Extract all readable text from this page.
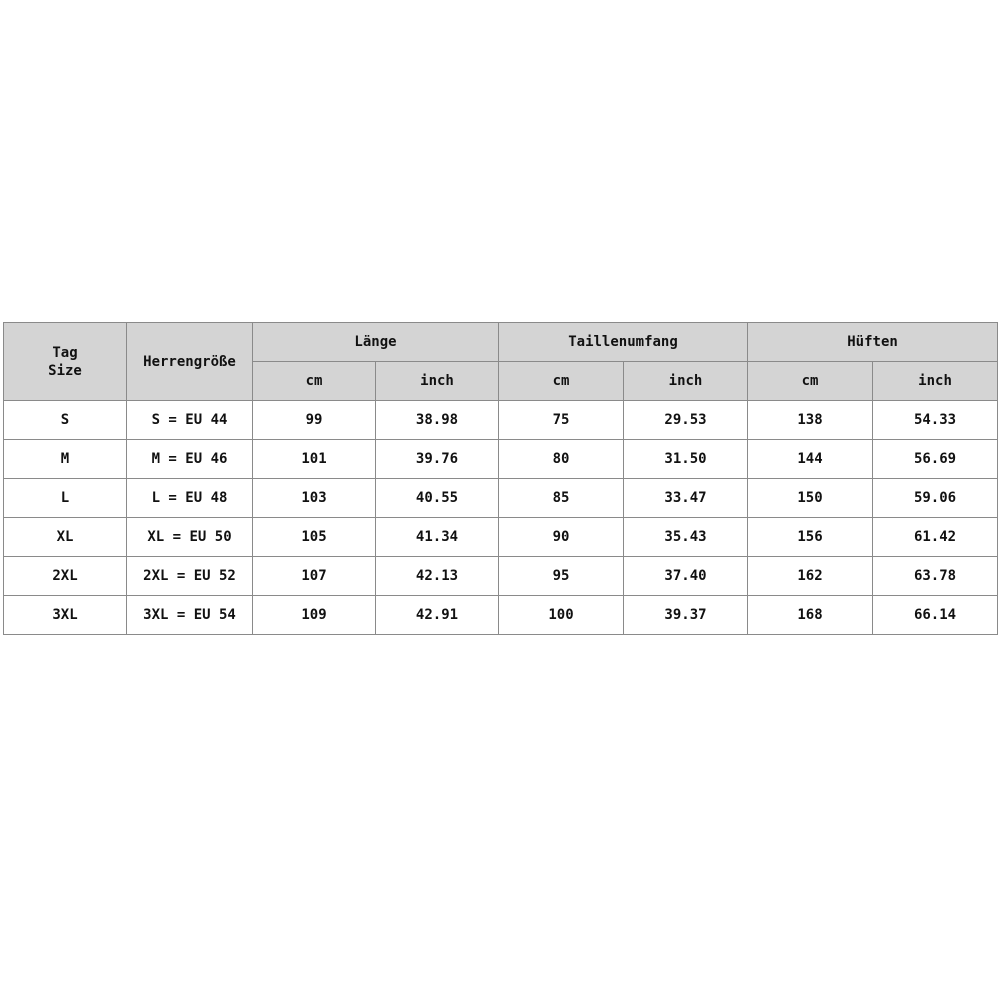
Tag
Size	Herrengröße	Länge		Taillenumfang		Hüften	
		cm	inch	cm	inch	cm	inch
S	S = EU 44	99	38.98	75	29.53	138	54.33
M	M = EU 46	101	39.76	80	31.50	144	56.69
L	L = EU 48	103	40.55	85	33.47	150	59.06
XL	XL = EU 50	105	41.34	90	35.43	156	61.42
2XL	2XL = EU 52	107	42.13	95	37.40	162	63.78
3XL	3XL = EU 54	109	42.91	100	39.37	168	66.14
